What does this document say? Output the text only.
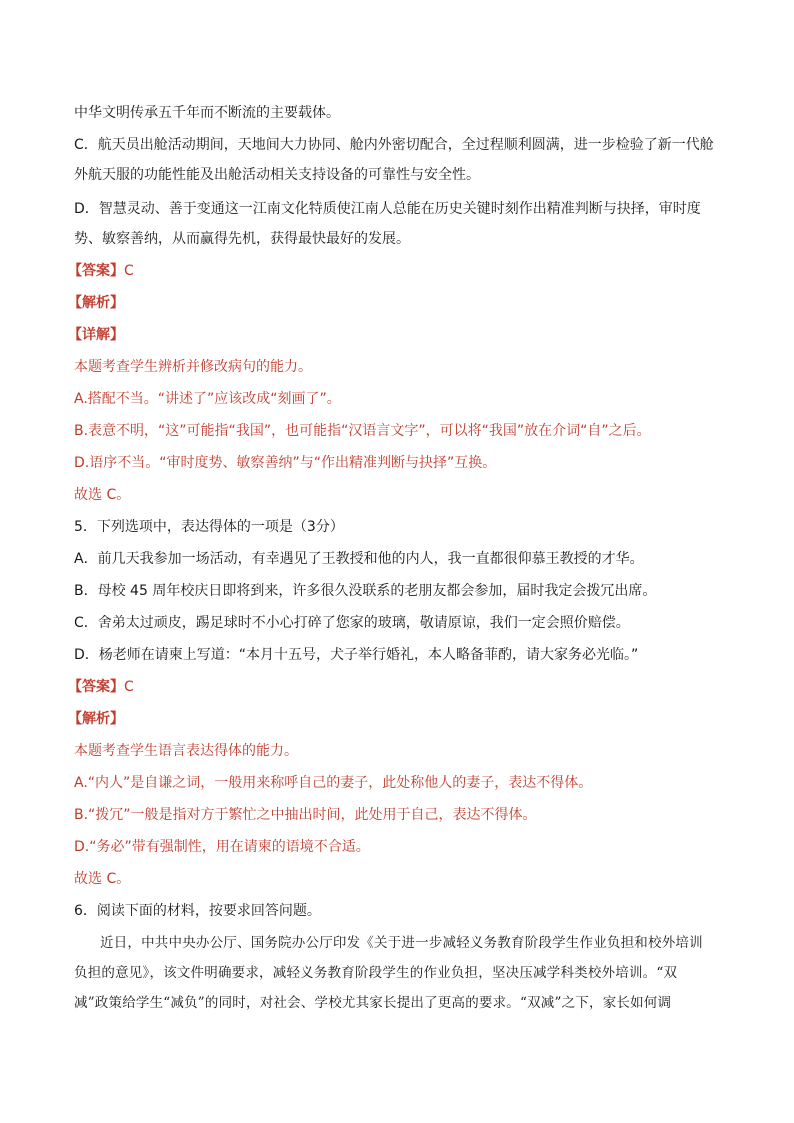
中华文明传承五千年而不断流的主要载体。
C．航天员出舱活动期间，天地间大力协同、舱内外密切配合，全过程顺利圆满，进一步检验了新一代舱
外航天服的功能性能及出舱活动相关支持设备的可靠性与安全性。
D．智慧灵动、善于变通这一江南文化特质使江南人总能在历史关键时刻作出精准判断与抉择，审时度
势、敏察善纳，从而赢得先机，获得最快最好的发展。
【答案】C
【解析】
【详解】
本题考查学生辨析并修改病句的能力。
A.搭配不当。“讲述了”应该改成“刻画了”。
B.表意不明，“这”可能指“我国”，也可能指“汉语言文字”，可以将“我国”放在介词“自”之后。
D.语序不当。“审时度势、敏察善纳”与“作出精准判断与抉择”互换。
故选 C。
5．下列选项中，表达得体的一项是（3分）
A．前几天我参加一场活动，有幸遇见了王教授和他的内人，我一直都很仰慕王教授的才华。
B．母校 45 周年校庆日即将到来，许多很久没联系的老朋友都会参加，届时我定会拨冗出席。
C．舍弟太过顽皮，踢足球时不小心打碎了您家的玻璃，敬请原谅，我们一定会照价赔偿。
D．杨老师在请柬上写道：“本月十五号，犬子举行婚礼，本人略备菲酌，请大家务必光临。”
【答案】C
【解析】
本题考查学生语言表达得体的能力。
A.“内人”是自谦之词，一般用来称呼自己的妻子，此处称他人的妻子，表达不得体。
B.“拨冗”一般是指对方于繁忙之中抽出时间，此处用于自己，表达不得体。
D.“务必”带有强制性，用在请柬的语境不合适。
故选 C。
6．阅读下面的材料，按要求回答问题。
近日，中共中央办公厅、国务院办公厅印发《关于进一步减轻义务教育阶段学生作业负担和校外培训
负担的意见》，该文件明确要求，减轻义务教育阶段学生的作业负担，坚决压减学科类校外培训。“双
减”政策给学生“减负”的同时，对社会、学校尤其家长提出了更高的要求。“双减”之下，家长如何调
